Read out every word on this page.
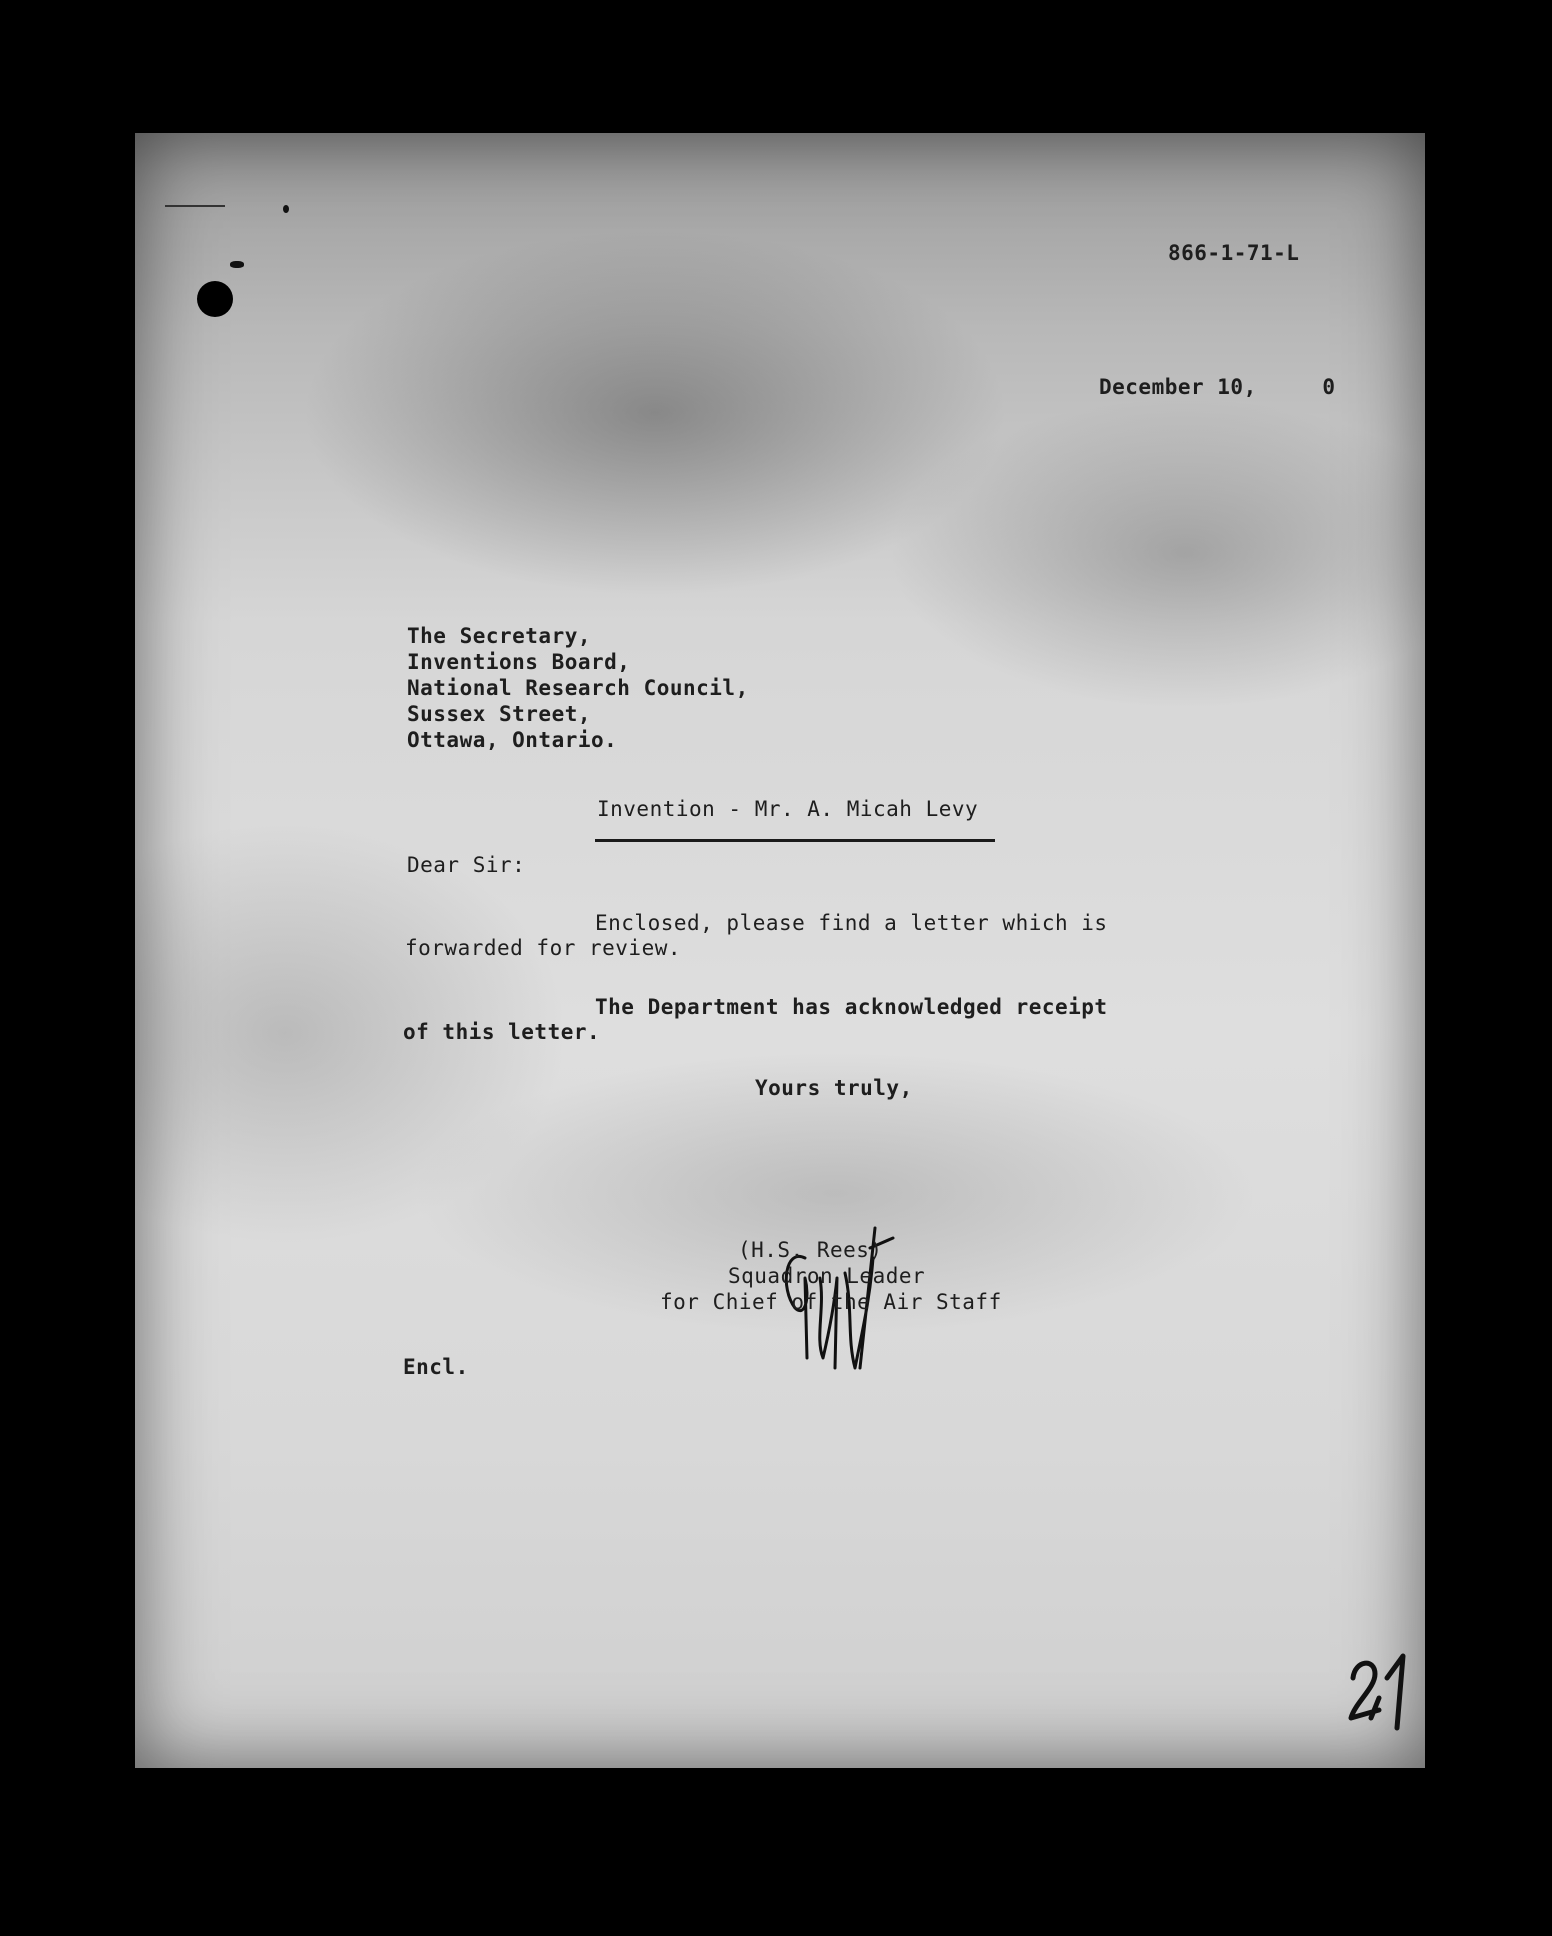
866-1-71-L
December 10,     0
The Secretary,
Inventions Board,
National Research Council,
Sussex Street,
Ottawa, Ontario.
Invention - Mr. A. Micah Levy
Dear Sir:
Enclosed, please find a letter which is
forwarded for review.
The Department has acknowledged receipt
of this letter.
Yours truly,
(H.S. Rees)
Squadron Leader
for Chief of the Air Staff
Encl.
